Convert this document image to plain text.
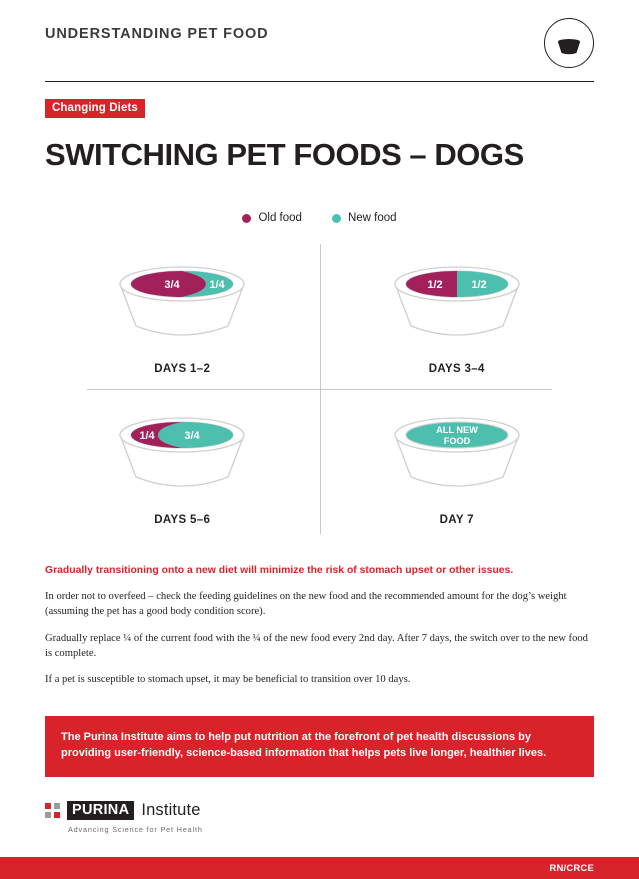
UNDERSTANDING PET FOOD
Changing Diets
SWITCHING PET FOODS – DOGS
Old food	New food
3/4	1/4
DAYS 1–2
1/2	1/2
DAYS 3–4
1/4	3/4
DAYS 5–6
ALL NEW
FOOD
DAY 7
Gradually transitioning onto a new diet will minimize the risk of stomach upset or other issues.
In order not to overfeed – check the feeding guidelines on the new food and the recommended amount for the dog’s weight (assuming the pet has a good body condition score).
Gradually replace ¼ of the current food with the ¼ of the new food every 2nd day. After 7 days, the switch over to the new food is complete.
If a pet is susceptible to stomach upset, it may be beneficial to transition over 10 days.
The Purina Institute aims to help put nutrition at the forefront of pet health discussions by providing user-friendly, science-based information that helps pets live longer, healthier lives.
PURINA Institute
Advancing Science for Pet Health
RN/CRCE
